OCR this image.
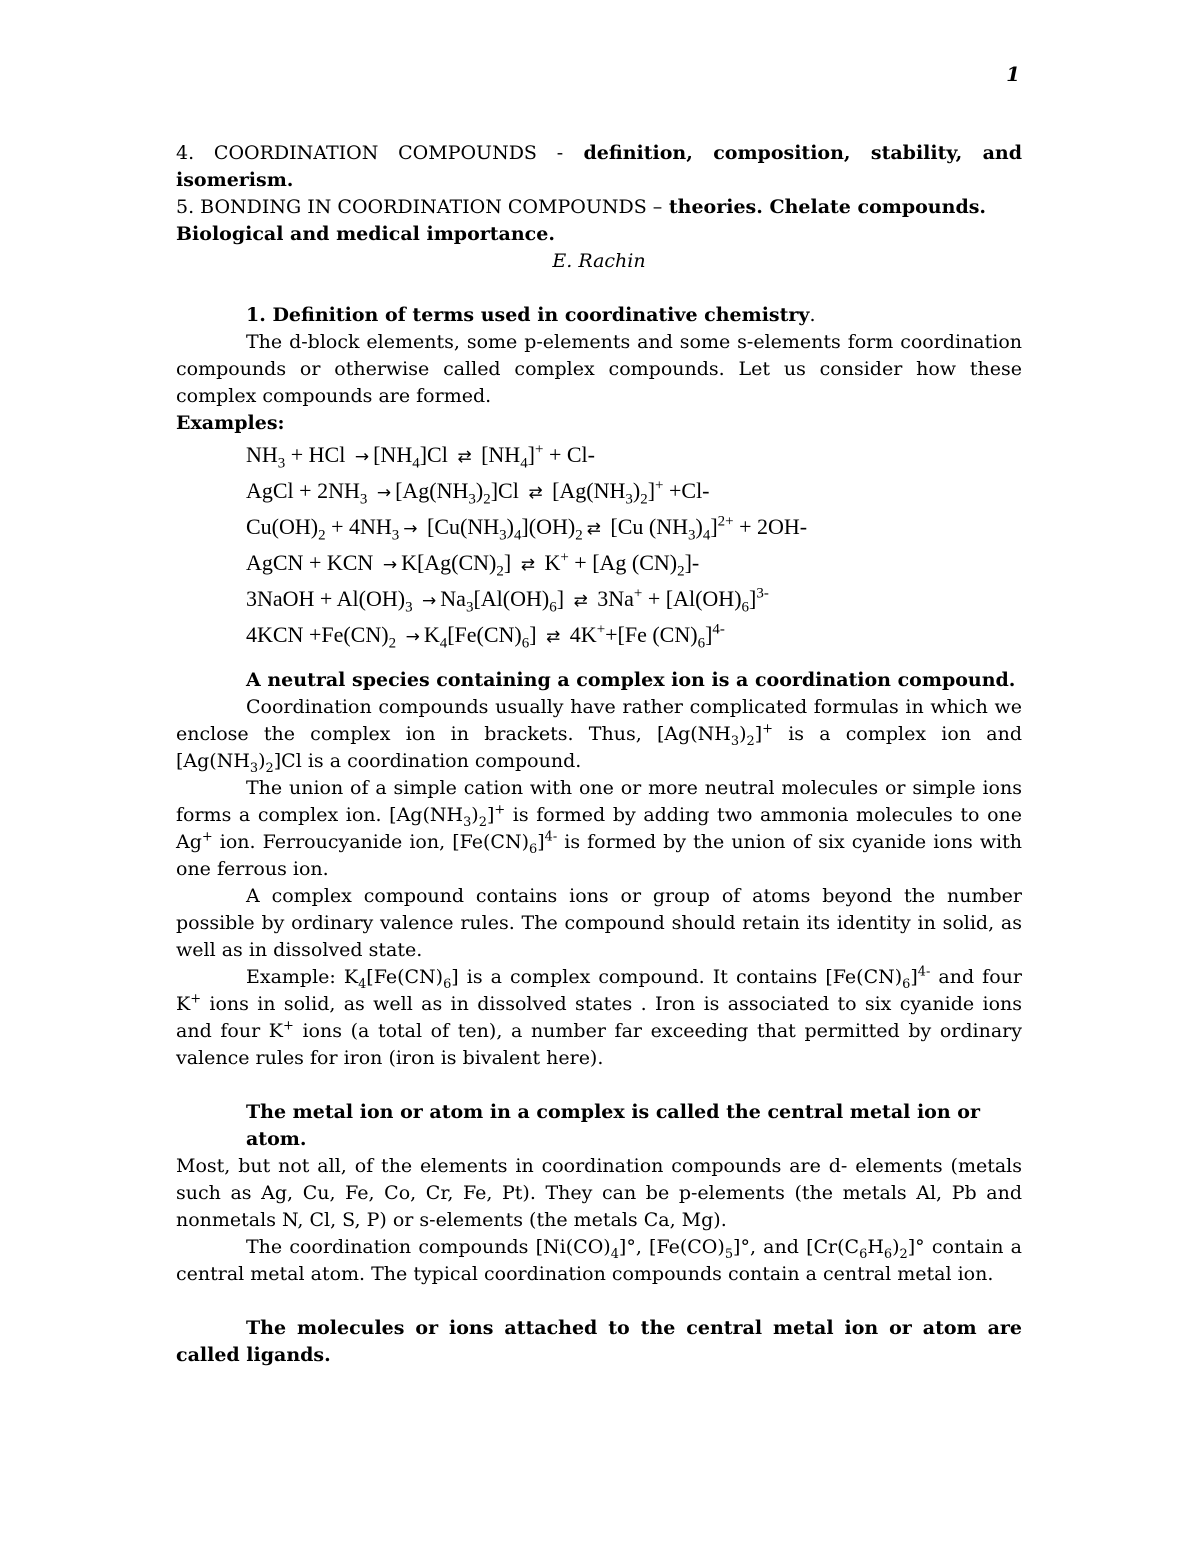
1

4. COORDINATION COMPOUNDS - definition, composition, stability, and isomerism.

5. BONDING IN COORDINATION COMPOUNDS – theories. Chelate compounds. Biological and medical importance.

E. Rachin

1. Definition of terms used in coordinative chemistry.

The d-block elements, some p-elements and some s-elements form coordination compounds or otherwise called complex compounds. Let us consider how these complex compounds are formed.

Examples:

$NH_3$ + HCl → $[NH_4]Cl$ ⇄ $[NH_4]^+ + Cl-$
AgCl + $2NH_3 \to [Ag(NH_3)_2]Cl$ ⇄ $[Ag(NH_3)_2]^+ +Cl-$
$Cu(OH)_2 + 4NH_3 \to [Cu(NH_3)_4](OH)_2$ ⇄ [Cu $(NH_3)_4]^{2+} + 2OH-$
AgCN + KCN → $K[Ag(CN)_2]$ ⇄ K+ + [Ag $(CN)_2]-$
3NaOH + $Al(OH)_3 \to Na_3[Al(OH)_6]$ ⇄ $3Na^+ + [Al(OH)_6]^{3-}$
$4KCN +Fe(CN)_2 \to K_4[Fe(CN)_6]$ ⇄ 4K++[Fe $(CN)_6]^{4-}$

A neutral species containing a complex ion is a coordination compound.

Coordination compounds usually have rather complicated formulas in which we enclose the complex ion in brackets. Thus, $[Ag(NH_3)_2]^+$ is a complex ion and $[Ag(NH_3)_2]Cl$ is a coordination compound.

The union of a simple cation with one or more neutral molecules or simple ions forms a complex ion. $[Ag(NH_3)_2]^+$ is formed by adding two ammonia molecules to one Ag+ ion. Ferroucyanide ion, $[Fe(CN)_6]^{4-}$ is formed by the union of six cyanide ions with one ferrous ion.

A complex compound contains ions or group of atoms beyond the number possible by ordinary valence rules. The compound should retain its identity in solid, as well as in dissolved state.

Example: $K_4[Fe(CN)_6]$ is a complex compound. It contains $[Fe(CN)_6]^{4-}$ and four K+ ions in solid, as well as in dissolved states . Iron is associated to six cyanide ions and four K+ ions (a total of ten), a number far exceeding that permitted by ordinary valence rules for iron (iron is bivalent here).

The metal ion or atom in a complex is called the central metal ion or atom.

Most, but not all, of the elements in coordination compounds are d- elements (metals such as Ag, Cu, Fe, Co, Cr, Fe, Pt). They can be p-elements (the metals Al, Pb and nonmetals N, Cl, S, P) or s-elements (the metals Ca, Mg).

The coordination compounds $[Ni(CO)_4]^\circ$, $[Fe(CO)_5]^\circ$, and $[Cr(C_6H_6)_2]^\circ$ contain a central metal atom. The typical coordination compounds contain a central metal ion.

The molecules or ions attached to the central metal ion or atom are called ligands.
